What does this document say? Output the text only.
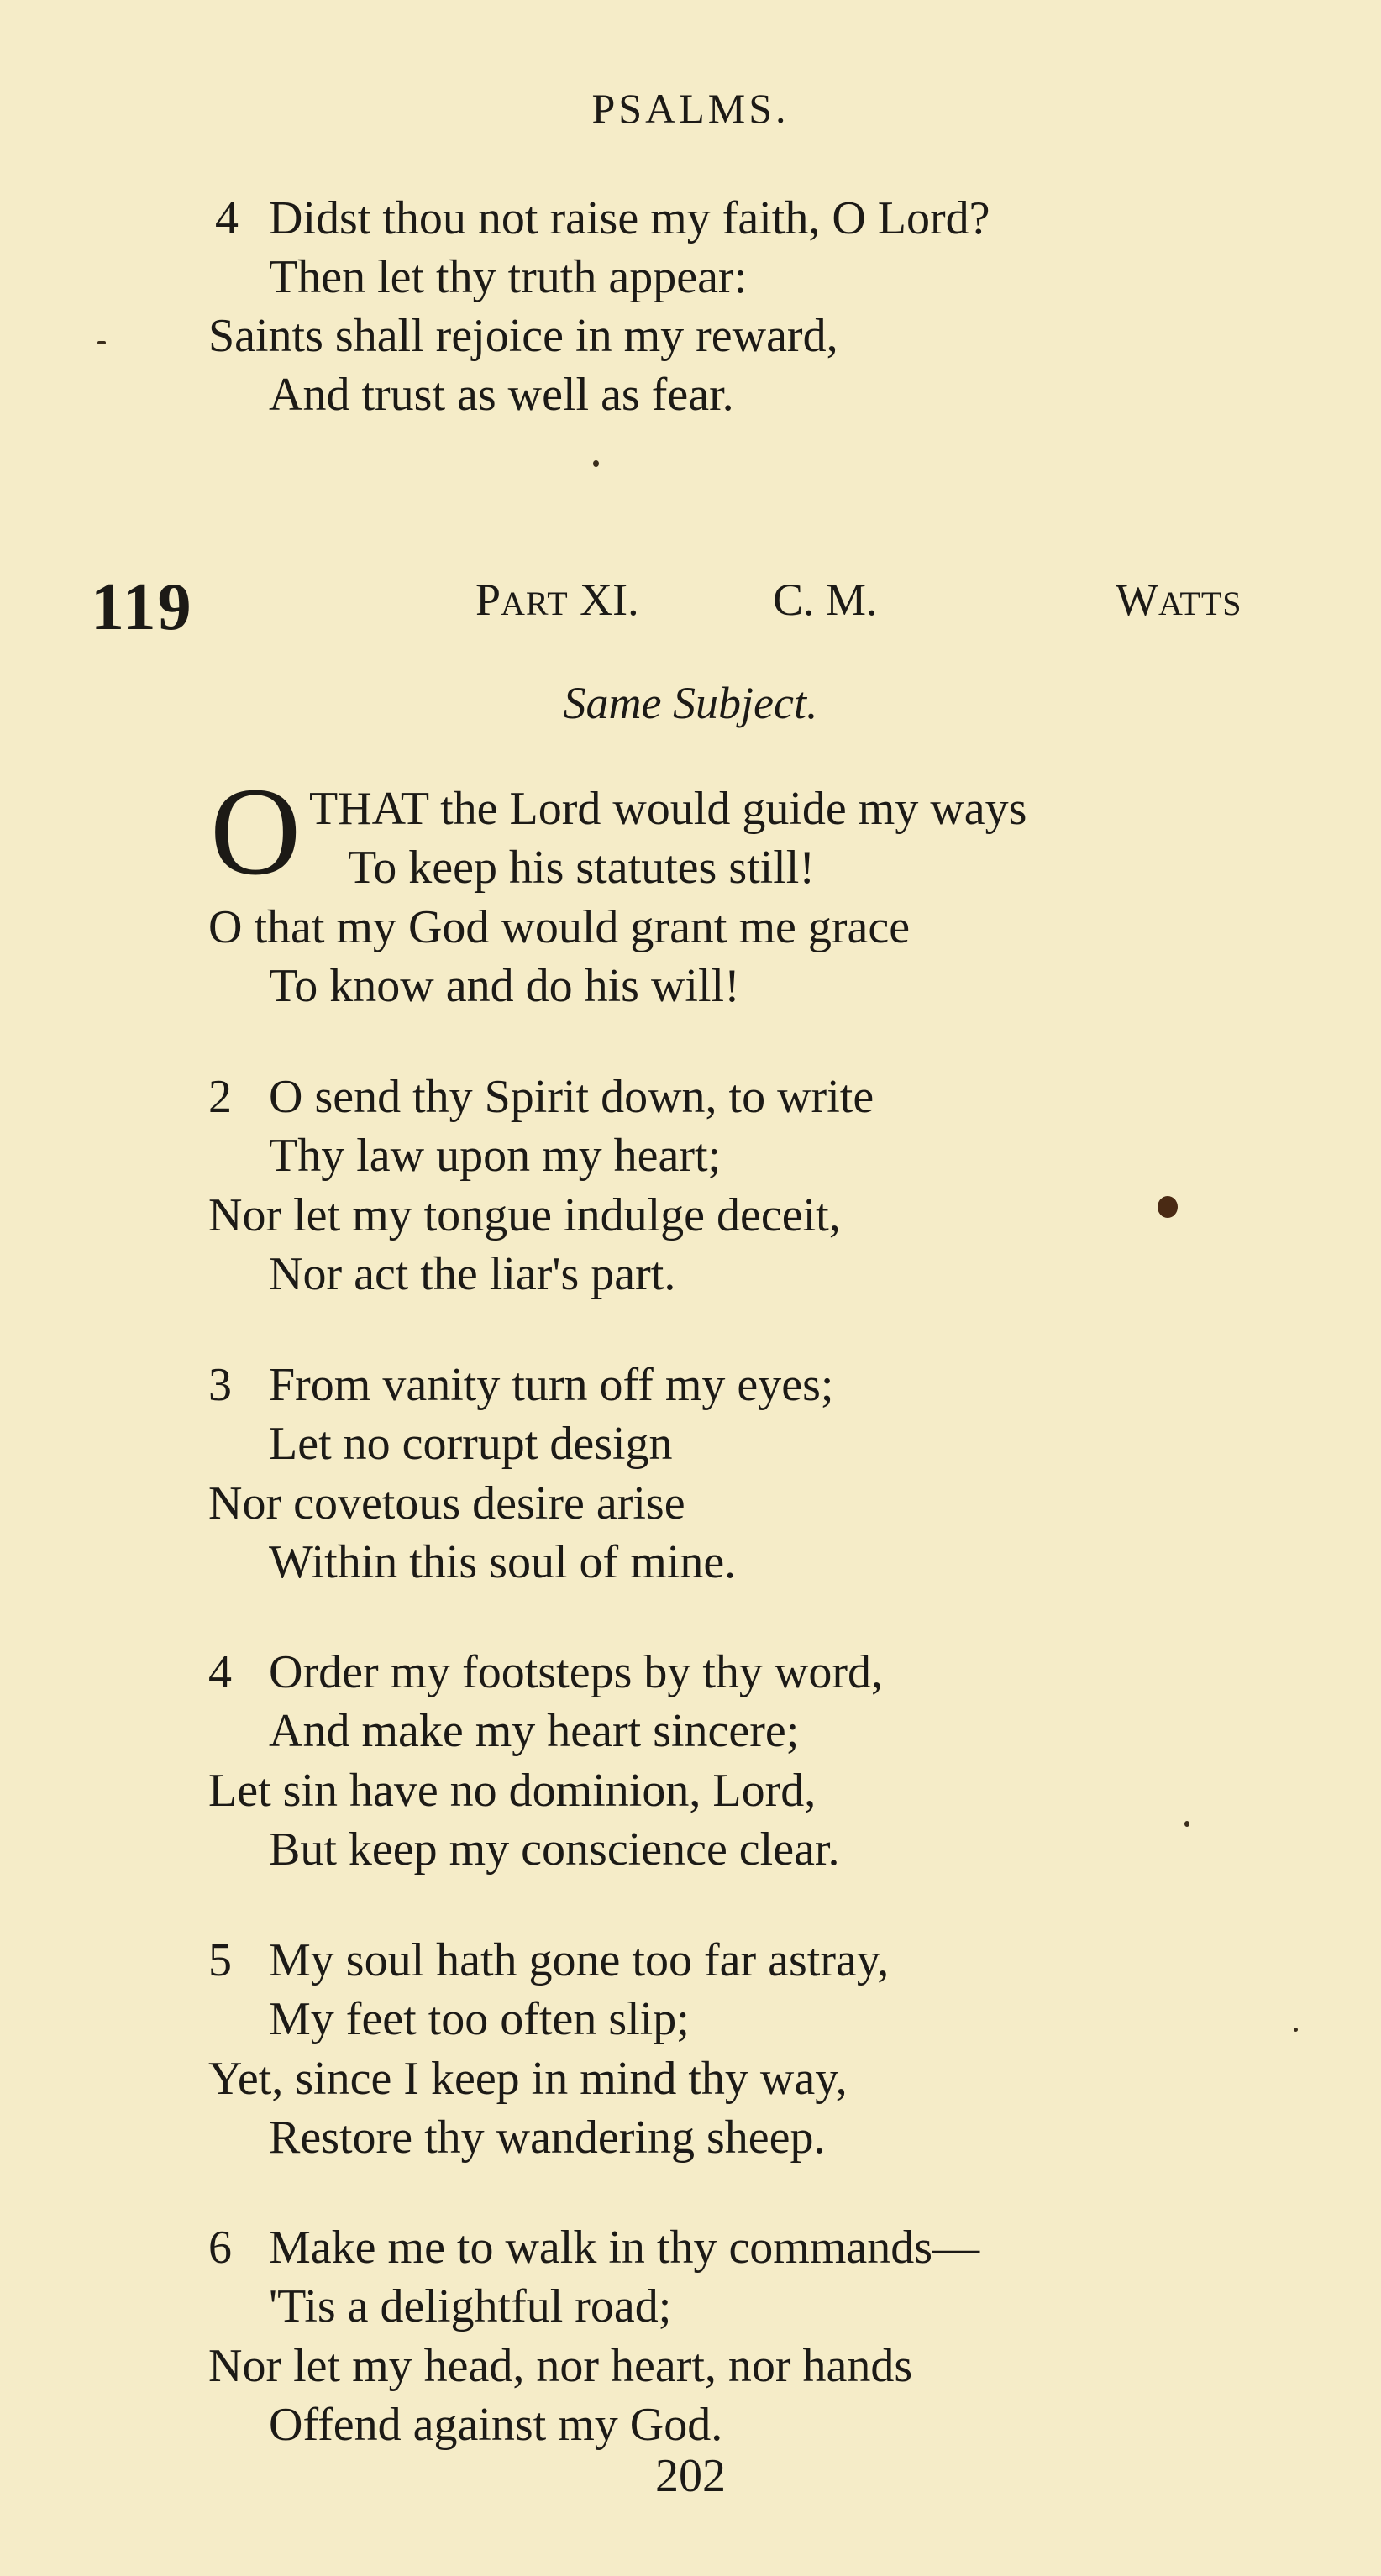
PSALMS.
4 Didst thou not raise my faith, O Lord?
Then let thy truth appear:
Saints shall rejoice in my reward,
And trust as well as fear.
119	PART XI.	C. M.	WATTS
Same Subject.
O THAT the Lord would guide my ways
To keep his statutes still!
O that my God would grant me grace
To know and do his will!
2 O send thy Spirit down, to write
Thy law upon my heart;
Nor let my tongue indulge deceit,
Nor act the liar's part.
3 From vanity turn off my eyes;
Let no corrupt design
Nor covetous desire arise
Within this soul of mine.
4 Order my footsteps by thy word,
And make my heart sincere;
Let sin have no dominion, Lord,
But keep my conscience clear.
5 My soul hath gone too far astray,
My feet too often slip;
Yet, since I keep in mind thy way,
Restore thy wandering sheep.
6 Make me to walk in thy commands—
'Tis a delightful road;
Nor let my head, nor heart, nor hands
Offend against my God.
202
